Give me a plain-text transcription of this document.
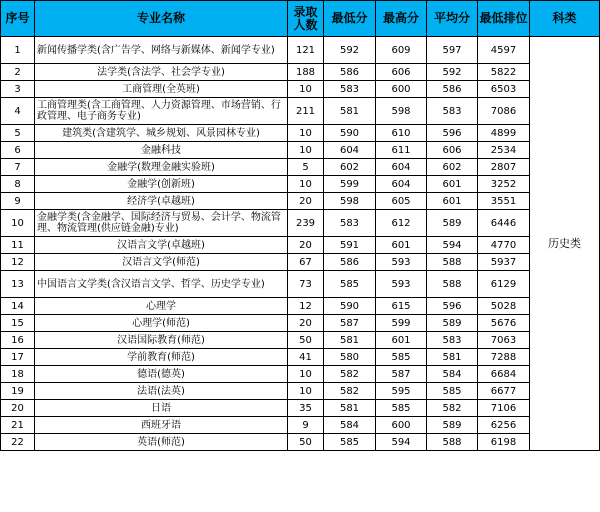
序号	专业名称	录取人数	最低分	最高分	平均分	最低排位	科类
1	新闻传播学类(含广告学、网络与新媒体、新闻学专业)	121	592	609	597	4597	历史类
2	法学类(含法学、社会学专业)	188	586	606	592	5822	
3	工商管理(全英班)	10	583	600	586	6503	
4	工商管理类(含工商管理、人力资源管理、市场营销、行政管理、电子商务专业)	211	581	598	583	7086	
5	建筑类(含建筑学、城乡规划、风景园林专业)	10	590	610	596	4899	
6	金融科技	10	604	611	606	2534	
7	金融学(数理金融实验班)	5	602	604	602	2807	
8	金融学(创新班)	10	599	604	601	3252	
9	经济学(卓越班)	20	598	605	601	3551	
10	金融学类(含金融学、国际经济与贸易、会计学、物流管理、物流管理(供应链金融)专业)	239	583	612	589	6446	
11	汉语言文学(卓越班)	20	591	601	594	4770	
12	汉语言文学(师范)	67	586	593	588	5937	
13	中国语言文学类(含汉语言文学、哲学、历史学专业)	73	585	593	588	6129	
14	心理学	12	590	615	596	5028	
15	心理学(师范)	20	587	599	589	5676	
16	汉语国际教育(师范)	50	581	601	583	7063	
17	学前教育(师范)	41	580	585	581	7288	
18	德语(德英)	10	582	587	584	6684	
19	法语(法英)	10	582	595	585	6677	
20	日语	35	581	585	582	7106	
21	西班牙语	9	584	600	589	6256	
22	英语(师范)	50	585	594	588	6198	
